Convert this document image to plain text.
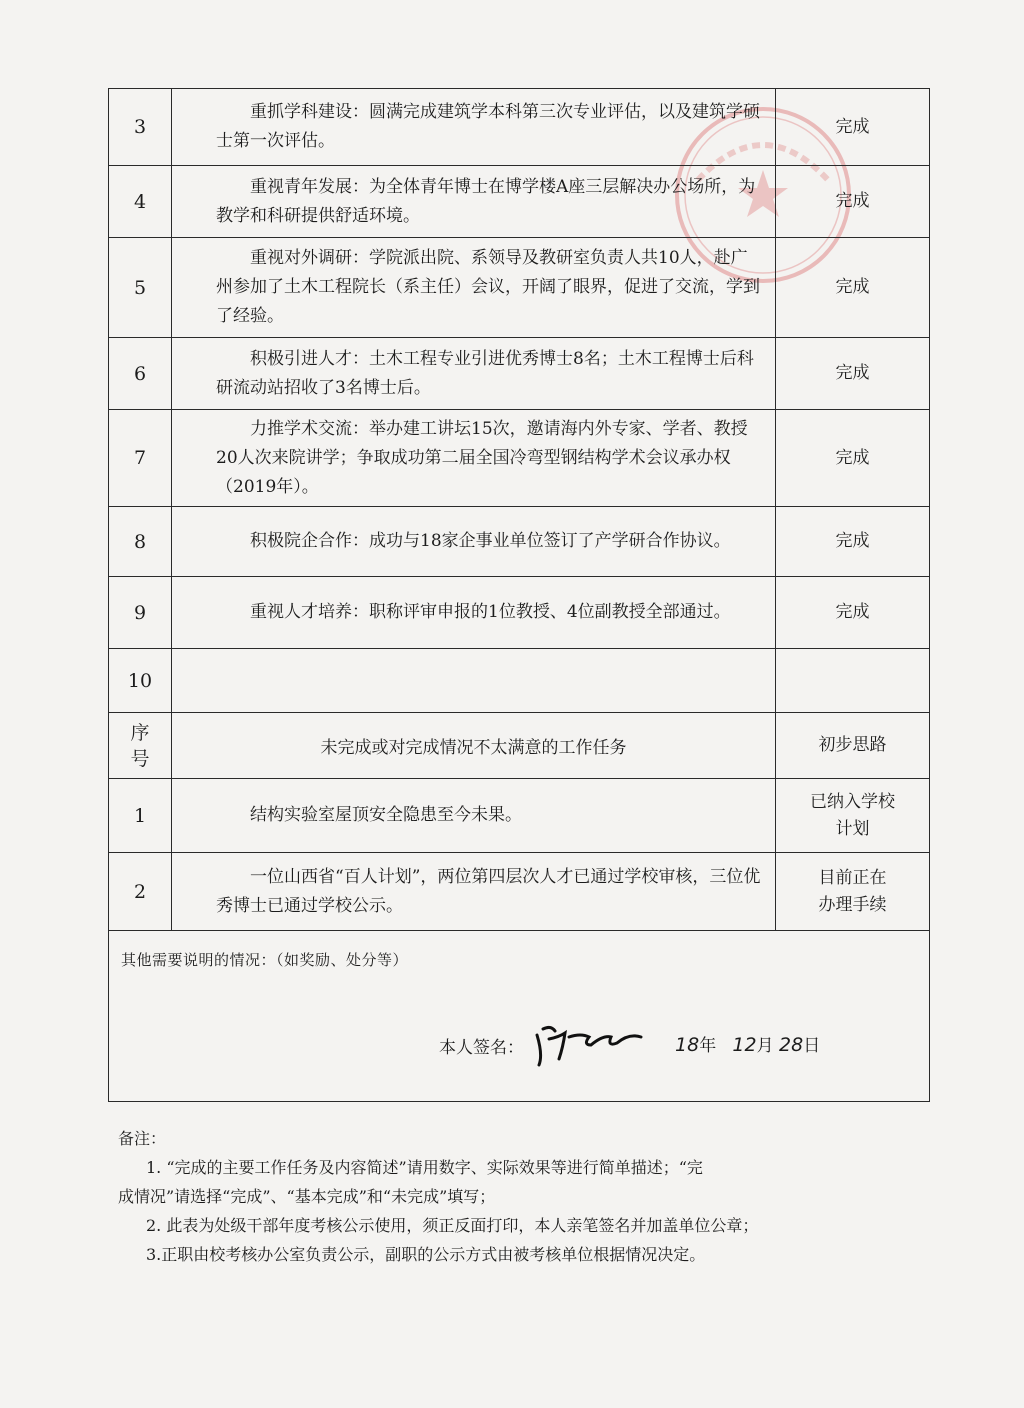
3	重抓学科建设：圆满完成建筑学本科第三次专业评估，以及建筑学硕士第一次评估。	完成
4	重视青年发展：为全体青年博士在博学楼A座三层解决办公场所，为教学和科研提供舒适环境。	完成
5	重视对外调研：学院派出院、系领导及教研室负责人共10人，赴广州参加了土木工程院长（系主任）会议，开阔了眼界，促进了交流，学到了经验。	完成
6	积极引进人才：土木工程专业引进优秀博士8名；土木工程博士后科研流动站招收了3名博士后。	完成
7	力推学术交流：举办建工讲坛15次，邀请海内外专家、学者、教授20人次来院讲学；争取成功第二届全国冷弯型钢结构学术会议承办权（2019年）。	完成
8	积极院企合作：成功与18家企事业单位签订了产学研合作协议。	完成
9	重视人才培养：职称评审申报的1位教授、4位副教授全部通过。	完成
10		
序
号	未完成或对完成情况不太满意的工作任务	初步思路
1	结构实验室屋顶安全隐患至今未果。	已纳入学校
计划
2	一位山西省“百人计划”，两位第四层次人才已通过学校审核，三位优秀博士已通过学校公示。	目前正在
办理手续

其他需要说明的情况：（如奖励、处分等）
本人签名： 18年 12月 28日		

备注：

1. “完成的主要工作任务及内容简述”请用数字、实际效果等进行简单描述；“完

成情况”请选择“完成”、“基本完成”和“未完成”填写；

2. 此表为处级干部年度考核公示使用，须正反面打印，本人亲笔签名并加盖单位公章；

3.正职由校考核办公室负责公示，副职的公示方式由被考核单位根据情况决定。
